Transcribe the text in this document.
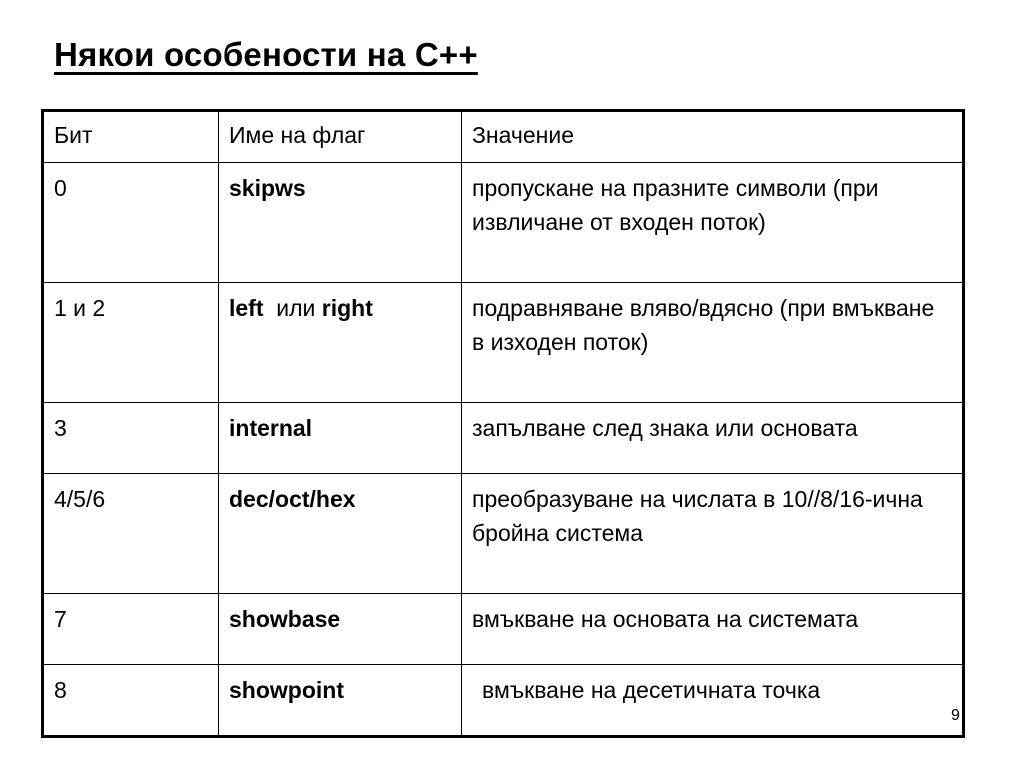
Някои особености на С++
Бит	Име на флаг	Значение
0	skipws	пропускане на празните символи (при извличане от входен поток)
1 и 2	left или right	подравняване вляво/вдясно (при вмъкване в изходен поток)
3	internal	запълване след знака или основата
4/5/6	dec/oct/hex	преобразуване на числата в 10//8/16-ична бройна система
7	showbase	вмъкване на основата на системата
8	showpoint	вмъкване на десетичната точка
9
